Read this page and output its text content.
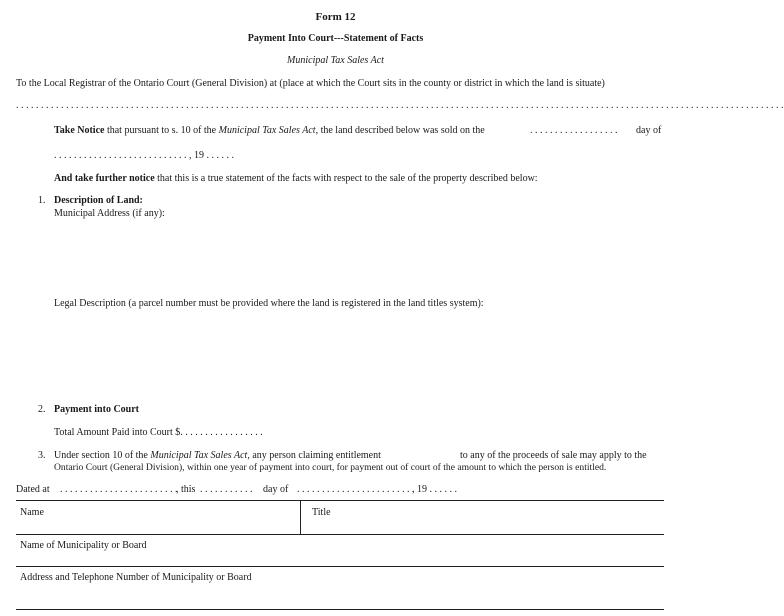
Form 12
Payment Into Court---Statement of Facts
Municipal Tax Sales Act
To the Local Registrar of the Ontario Court (General Division) at (place at which the Court sits in the county or district in which the land is situate)
. . . . . . . . . . . . . . . . . . . . . . . . . . . . . . . . . . . . . . . . . . . . . . . . . . . . . . . . . . . . . . . . . . . . . . . . . . . . . . . . . . . . . . . . . . . . . . . . . . . . . . . . . . . . . . . . . . . . . . . . . . . . . . . . . . . . . . . . . . . . . . . . . . . . . . . . . .
Take Notice that pursuant to s. 10 of the Municipal Tax Sales Act, the land described below was sold on the	. . . . . . . . . . . . . . . . . . day of
. . . . . . . . . . . . . . . . . . . . . . . . . . . , 19 . . . . . .
And take further notice that this is a true statement of the facts with respect to the sale of the property described below:
1. Description of Land:
Municipal Address (if any):
Legal Description (a parcel number must be provided where the land is registered in the land titles system):
2. Payment into Court
Total Amount Paid into Court $. . . . . . . . . . . . . . . . .
3. Under section 10 of the Municipal Tax Sales Act, any person claiming entitlement	to any of the proceeds of sale may apply to the
Ontario Court (General Division), within one year of payment into court, for payment out of court of the amount to which the person is entitled.
Dated at . . . . . . . . . . . . . . . . . . . . . . . .
, this . . . . . . . . . . . day of . . . . . . . . . . . . . . . . . . . . . . . .
, 19 . . . . . .
Name	Title
Name of Municipality or Board
Address and Telephone Number of Municipality or Board
